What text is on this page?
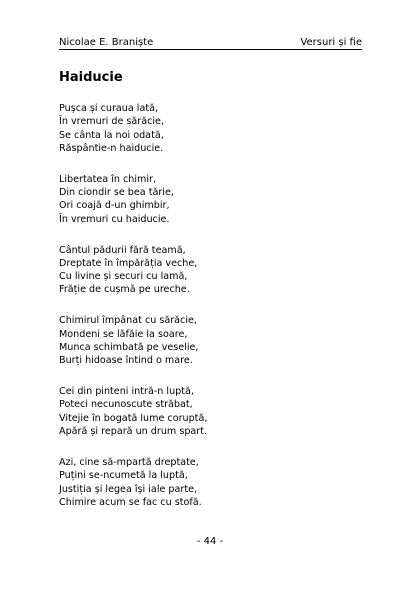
Nicolae E. Braniște	Versuri și fie
Haiducie
Pușca și curaua lată,
În vremuri de sărăcie,
Se cânta la noi odată,
Răspântie-n haiducie.
Libertatea în chimir,
Din ciondir se bea tărie,
Ori coajă d-un ghimbir,
În vremuri cu haiducie.
Cântul pădurii fără teamă,
Dreptate în împărăția veche,
Cu livine și securi cu lamă,
Frăție de cușmă pe ureche.
Chimirul împânat cu sărăcie,
Mondeni se lăfăie la soare,
Munca schimbată pe veselie,
Burți hidoase întind o mare.
Cei din pinteni intră-n luptă,
Poteci necunoscute străbat,
Vitejie în bogată lume coruptă,
Apără și repară un drum spart.
Azi, cine să-mpartă dreptate,
Puțini se-ncumetă la luptă,
Justiția și legea își iale parte,
Chimire acum se fac cu stofă.
- 44 -
